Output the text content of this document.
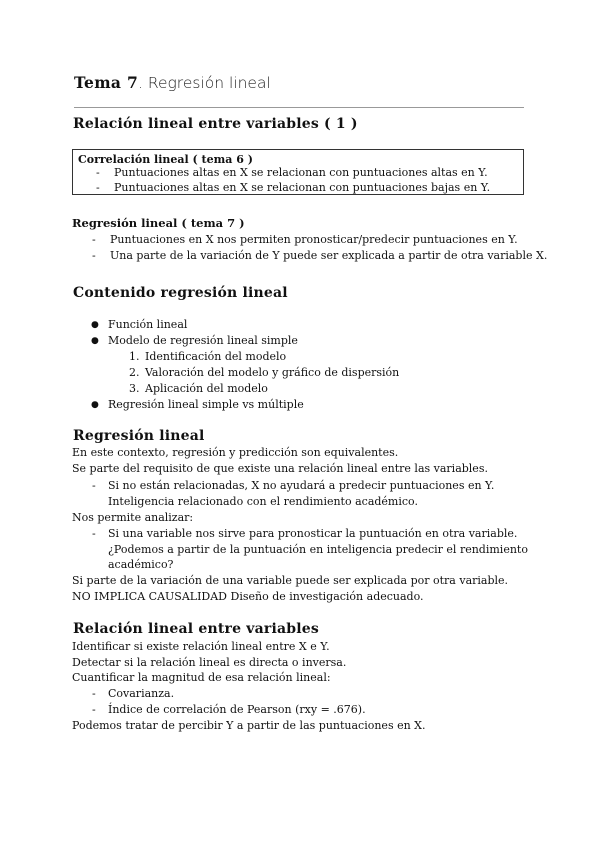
Tema 7. Regresión lineal
Relación lineal entre variables ( 1 )
Correlación lineal ( tema 6 )
- Puntuaciones altas en X se relacionan con puntuaciones altas en Y.
- Puntuaciones altas en X se relacionan con puntuaciones bajas en Y.
Regresión lineal ( tema 7 )
- Puntuaciones en X nos permiten pronosticar/predecir puntuaciones en Y.
- Una parte de la variación de Y puede ser explicada a partir de otra variable X.
Contenido regresión lineal
● Función lineal
● Modelo de regresión lineal simple
1. Identificación del modelo
2. Valoración del modelo y gráfico de dispersión
3. Aplicación del modelo
● Regresión lineal simple vs múltiple
Regresión lineal
En este contexto, regresión y predicción son equivalentes.
Se parte del requisito de que existe una relación lineal entre las variables.
- Si no están relacionadas, X no ayudará a predecir puntuaciones en Y.
Inteligencia relacionado con el rendimiento académico.
Nos permite analizar:
- Si una variable nos sirve para pronosticar la puntuación en otra variable.
¿Podemos a partir de la puntuación en inteligencia predecir el rendimiento
académico?
Si parte de la variación de una variable puede ser explicada por otra variable.
NO IMPLICA CAUSALIDAD Diseño de investigación adecuado.
Relación lineal entre variables
Identificar si existe relación lineal entre X e Y.
Detectar si la relación lineal es directa o inversa.
Cuantificar la magnitud de esa relación lineal:
- Covarianza.
- Índice de correlación de Pearson (rxy = .676).
Podemos tratar de percibir Y a partir de las puntuaciones en X.
